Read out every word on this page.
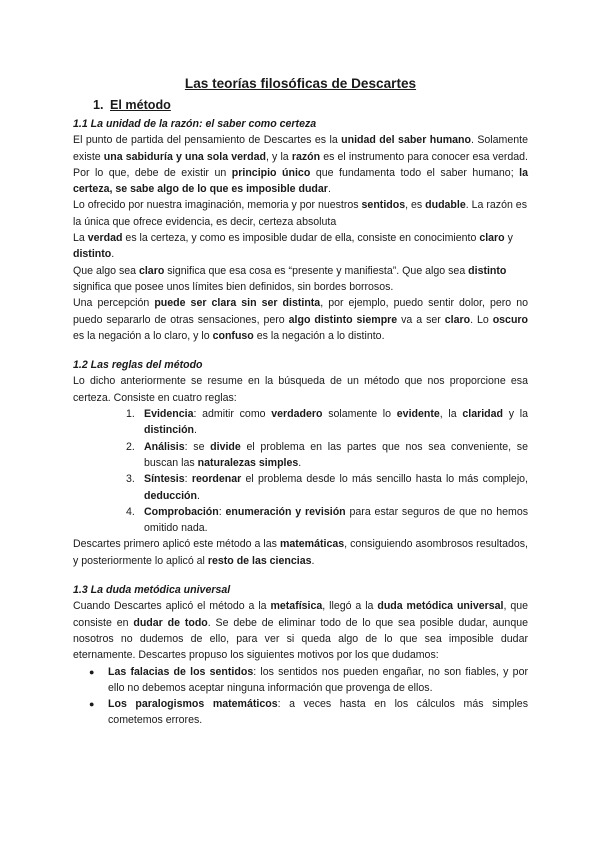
Las teorías filosóficas de Descartes
1. El método
1.1 La unidad de la razón: el saber como certeza

El punto de partida del pensamiento de Descartes es la unidad del saber humano. Solamente existe una sabiduría y una sola verdad, y la razón es el instrumento para conocer esa verdad. Por lo que, debe de existir un principio único que fundamenta todo el saber humano; la certeza, se sabe algo de lo que es imposible dudar.

Lo ofrecido por nuestra imaginación, memoria y por nuestros sentidos, es dudable. La razón es la única que ofrece evidencia, es decir, certeza absoluta

La verdad es la certeza, y como es imposible dudar de ella, consiste en conocimiento claro y distinto.

Que algo sea claro significa que esa cosa es “presente y manifiesta”. Que algo sea distinto significa que posee unos límites bien definidos, sin bordes borrosos.

Una percepción puede ser clara sin ser distinta, por ejemplo, puedo sentir dolor, pero no puedo separarlo de otras sensaciones, pero algo distinto siempre va a ser claro. Lo oscuro es la negación a lo claro, y lo confuso es la negación a lo distinto.

1.2 Las reglas del método

Lo dicho anteriormente se resume en la búsqueda de un método que nos proporcione esa certeza. Consiste en cuatro reglas:

1. Evidencia: admitir como verdadero solamente lo evidente, la claridad y la distinción.
2. Análisis: se divide el problema en las partes que nos sea conveniente, se buscan las naturalezas simples.
3. Síntesis: reordenar el problema desde lo más sencillo hasta lo más complejo, deducción.
4. Comprobación: enumeración y revisión para estar seguros de que no hemos omitido nada.

Descartes primero aplicó este método a las matemáticas, consiguiendo asombrosos resultados, y posteriormente lo aplicó al resto de las ciencias.

1.3 La duda metódica universal

Cuando Descartes aplicó el método a la metafísica, llegó a la duda metódica universal, que consiste en dudar de todo. Se debe de eliminar todo de lo que sea posible dudar, aunque nosotros no dudemos de ello, para ver si queda algo de lo que sea imposible dudar eternamente. Descartes propuso los siguientes motivos por los que dudamos:

● Las falacias de los sentidos: los sentidos nos pueden engañar, no son fiables, y por ello no debemos aceptar ninguna información que provenga de ellos.
● Los paralogismos matemáticos: a veces hasta en los cálculos más simples cometemos errores.
